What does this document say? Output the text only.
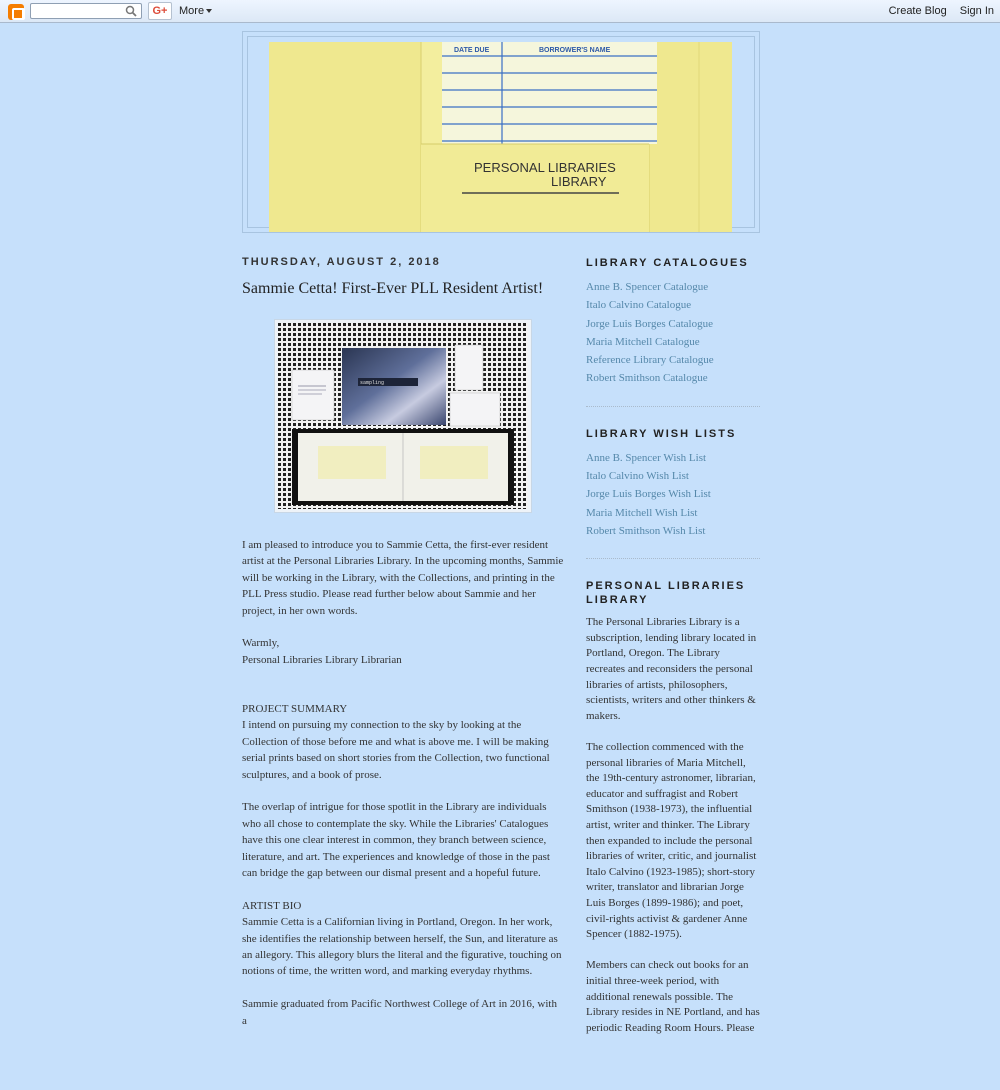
G+	More	Create Blog Sign In
DATE DUE	BORROWER'S NAME
PERSONAL LIBRARIES
LIBRARY
THURSDAY, AUGUST 2, 2018
Sammie Cetta! First-Ever PLL Resident Artist!
sampling

I am pleased to introduce you to Sammie Cetta, the first-ever resident artist at the Personal Libraries Library. In the upcoming months, Sammie will be working in the Library, with the Collections, and printing in the PLL Press studio. Please read further below about Sammie and her project, in her own words.

Warmly,
Personal Libraries Library Librarian
PROJECT SUMMARY

I intend on pursuing my connection to the sky by looking at the Collection of those before me and what is above me. I will be making serial prints based on short stories from the Collection, two functional sculptures, and a book of prose.

The overlap of intrigue for those spotlit in the Library are individuals who all chose to contemplate the sky. While the Libraries' Catalogues have this one clear interest in common, they branch between science, literature, and art. The experiences and knowledge of those in the past can bridge the gap between our dismal present and a hopeful future.

ARTIST BIO

Sammie Cetta is a Californian living in Portland, Oregon. In her work, she identifies the relationship between herself, the Sun, and literature as an allegory. This allegory blurs the literal and the figurative, touching on notions of time, the written word, and marking everyday rhythms.

Sammie graduated from Pacific Northwest College of Art in 2016, with a

LIBRARY CATALOGUES
Anne B. Spencer Catalogue
Italo Calvino Catalogue
Jorge Luis Borges Catalogue
Maria Mitchell Catalogue
Reference Library Catalogue
Robert Smithson Catalogue
LIBRARY WISH LISTS
Anne B. Spencer Wish List
Italo Calvino Wish List
Jorge Luis Borges Wish List
Maria Mitchell Wish List
Robert Smithson Wish List
PERSONAL LIBRARIES LIBRARY

The Personal Libraries Library is a subscription, lending library located in Portland, Oregon. The Library recreates and reconsiders the personal libraries of artists, philosophers, scientists, writers and other thinkers & makers.

The collection commenced with the personal libraries of Maria Mitchell, the 19th-century astronomer, librarian, educator and suffragist and Robert Smithson (1938-1973), the influential artist, writer and thinker. The Library then expanded to include the personal libraries of writer, critic, and journalist Italo Calvino (1923-1985); short-story writer, translator and librarian Jorge Luis Borges (1899-1986); and poet, civil-rights activist & gardener Anne Spencer (1882-1975).

Members can check out books for an initial three-week period, with additional renewals possible. The Library resides in NE Portland, and has periodic Reading Room Hours. Please
